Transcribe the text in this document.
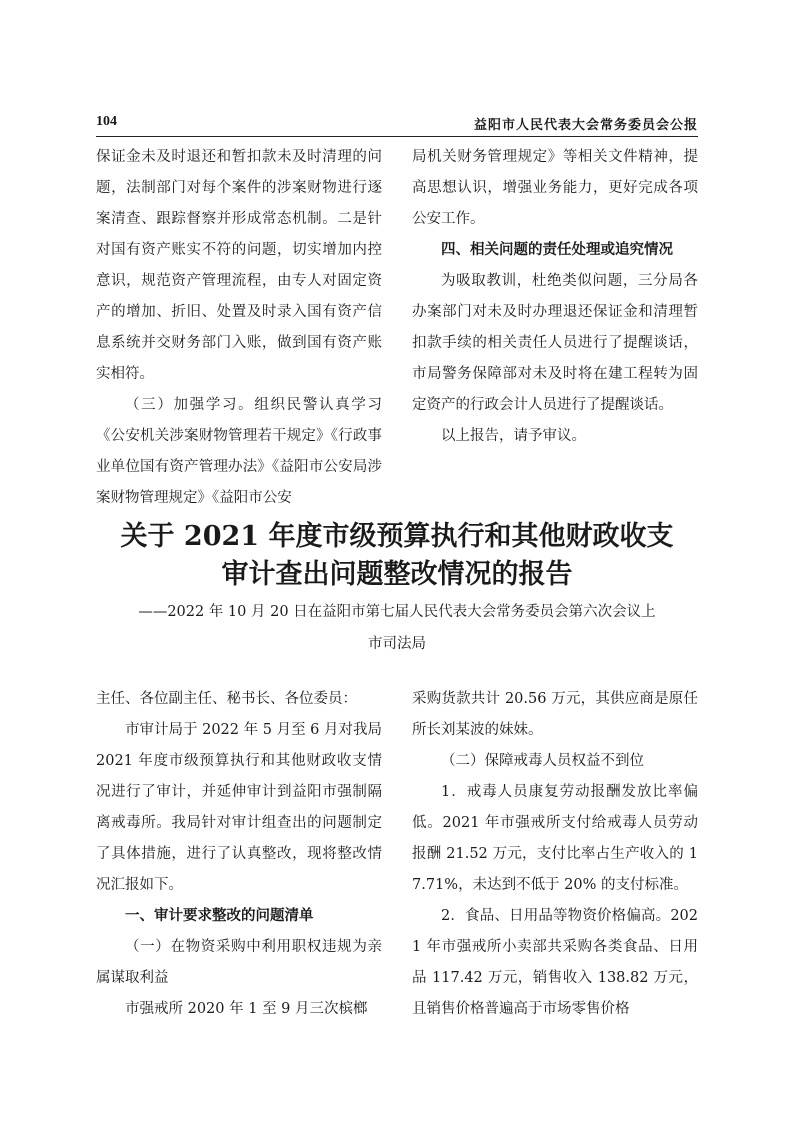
104	益阳市人民代表大会常务委员会公报

保证金未及时退还和暂扣款未及时清理的问题，法制部门对每个案件的涉案财物进行逐案清查、跟踪督察并形成常态机制。二是针对国有资产账实不符的问题，切实增加内控意识，规范资产管理流程，由专人对固定资产的增加、折旧、处置及时录入国有资产信息系统并交财务部门入账，做到国有资产账实相符。

（三）加强学习。组织民警认真学习《公安机关涉案财物管理若干规定》《行政事业单位国有资产管理办法》《益阳市公安局涉案财物管理规定》《益阳市公安

局机关财务管理规定》等相关文件精神，提高思想认识，增强业务能力，更好完成各项公安工作。

四、相关问题的责任处理或追究情况

为吸取教训，杜绝类似问题，三分局各办案部门对未及时办理退还保证金和清理暂扣款手续的相关责任人员进行了提醒谈话，市局警务保障部对未及时将在建工程转为固定资产的行政会计人员进行了提醒谈话。

以上报告，请予审议。

关于 2021 年度市级预算执行和其他财政收支
审计查出问题整改情况的报告
——2022 年 10 月 20 日在益阳市第七届人民代表大会常务委员会第六次会议上
市司法局

主任、各位副主任、秘书长、各位委员：

市审计局于 2022 年 5 月至 6 月对我局 2021 年度市级预算执行和其他财政收支情况进行了审计，并延伸审计到益阳市强制隔离戒毒所。我局针对审计组查出的问题制定了具体措施，进行了认真整改，现将整改情况汇报如下。

一、审计要求整改的问题清单

（一）在物资采购中利用职权违规为亲属谋取利益

市强戒所 2020 年 1 至 9 月三次槟榔

采购货款共计 20.56 万元，其供应商是原任所长刘某波的妹妹。

（二）保障戒毒人员权益不到位

1．戒毒人员康复劳动报酬发放比率偏低。2021 年市强戒所支付给戒毒人员劳动报酬 21.52 万元，支付比率占生产收入的 17.71%，未达到不低于 20% 的支付标准。

2．食品、日用品等物资价格偏高。2021 年市强戒所小卖部共采购各类食品、日用品 117.42 万元，销售收入 138.82 万元，且销售价格普遍高于市场零售价格
